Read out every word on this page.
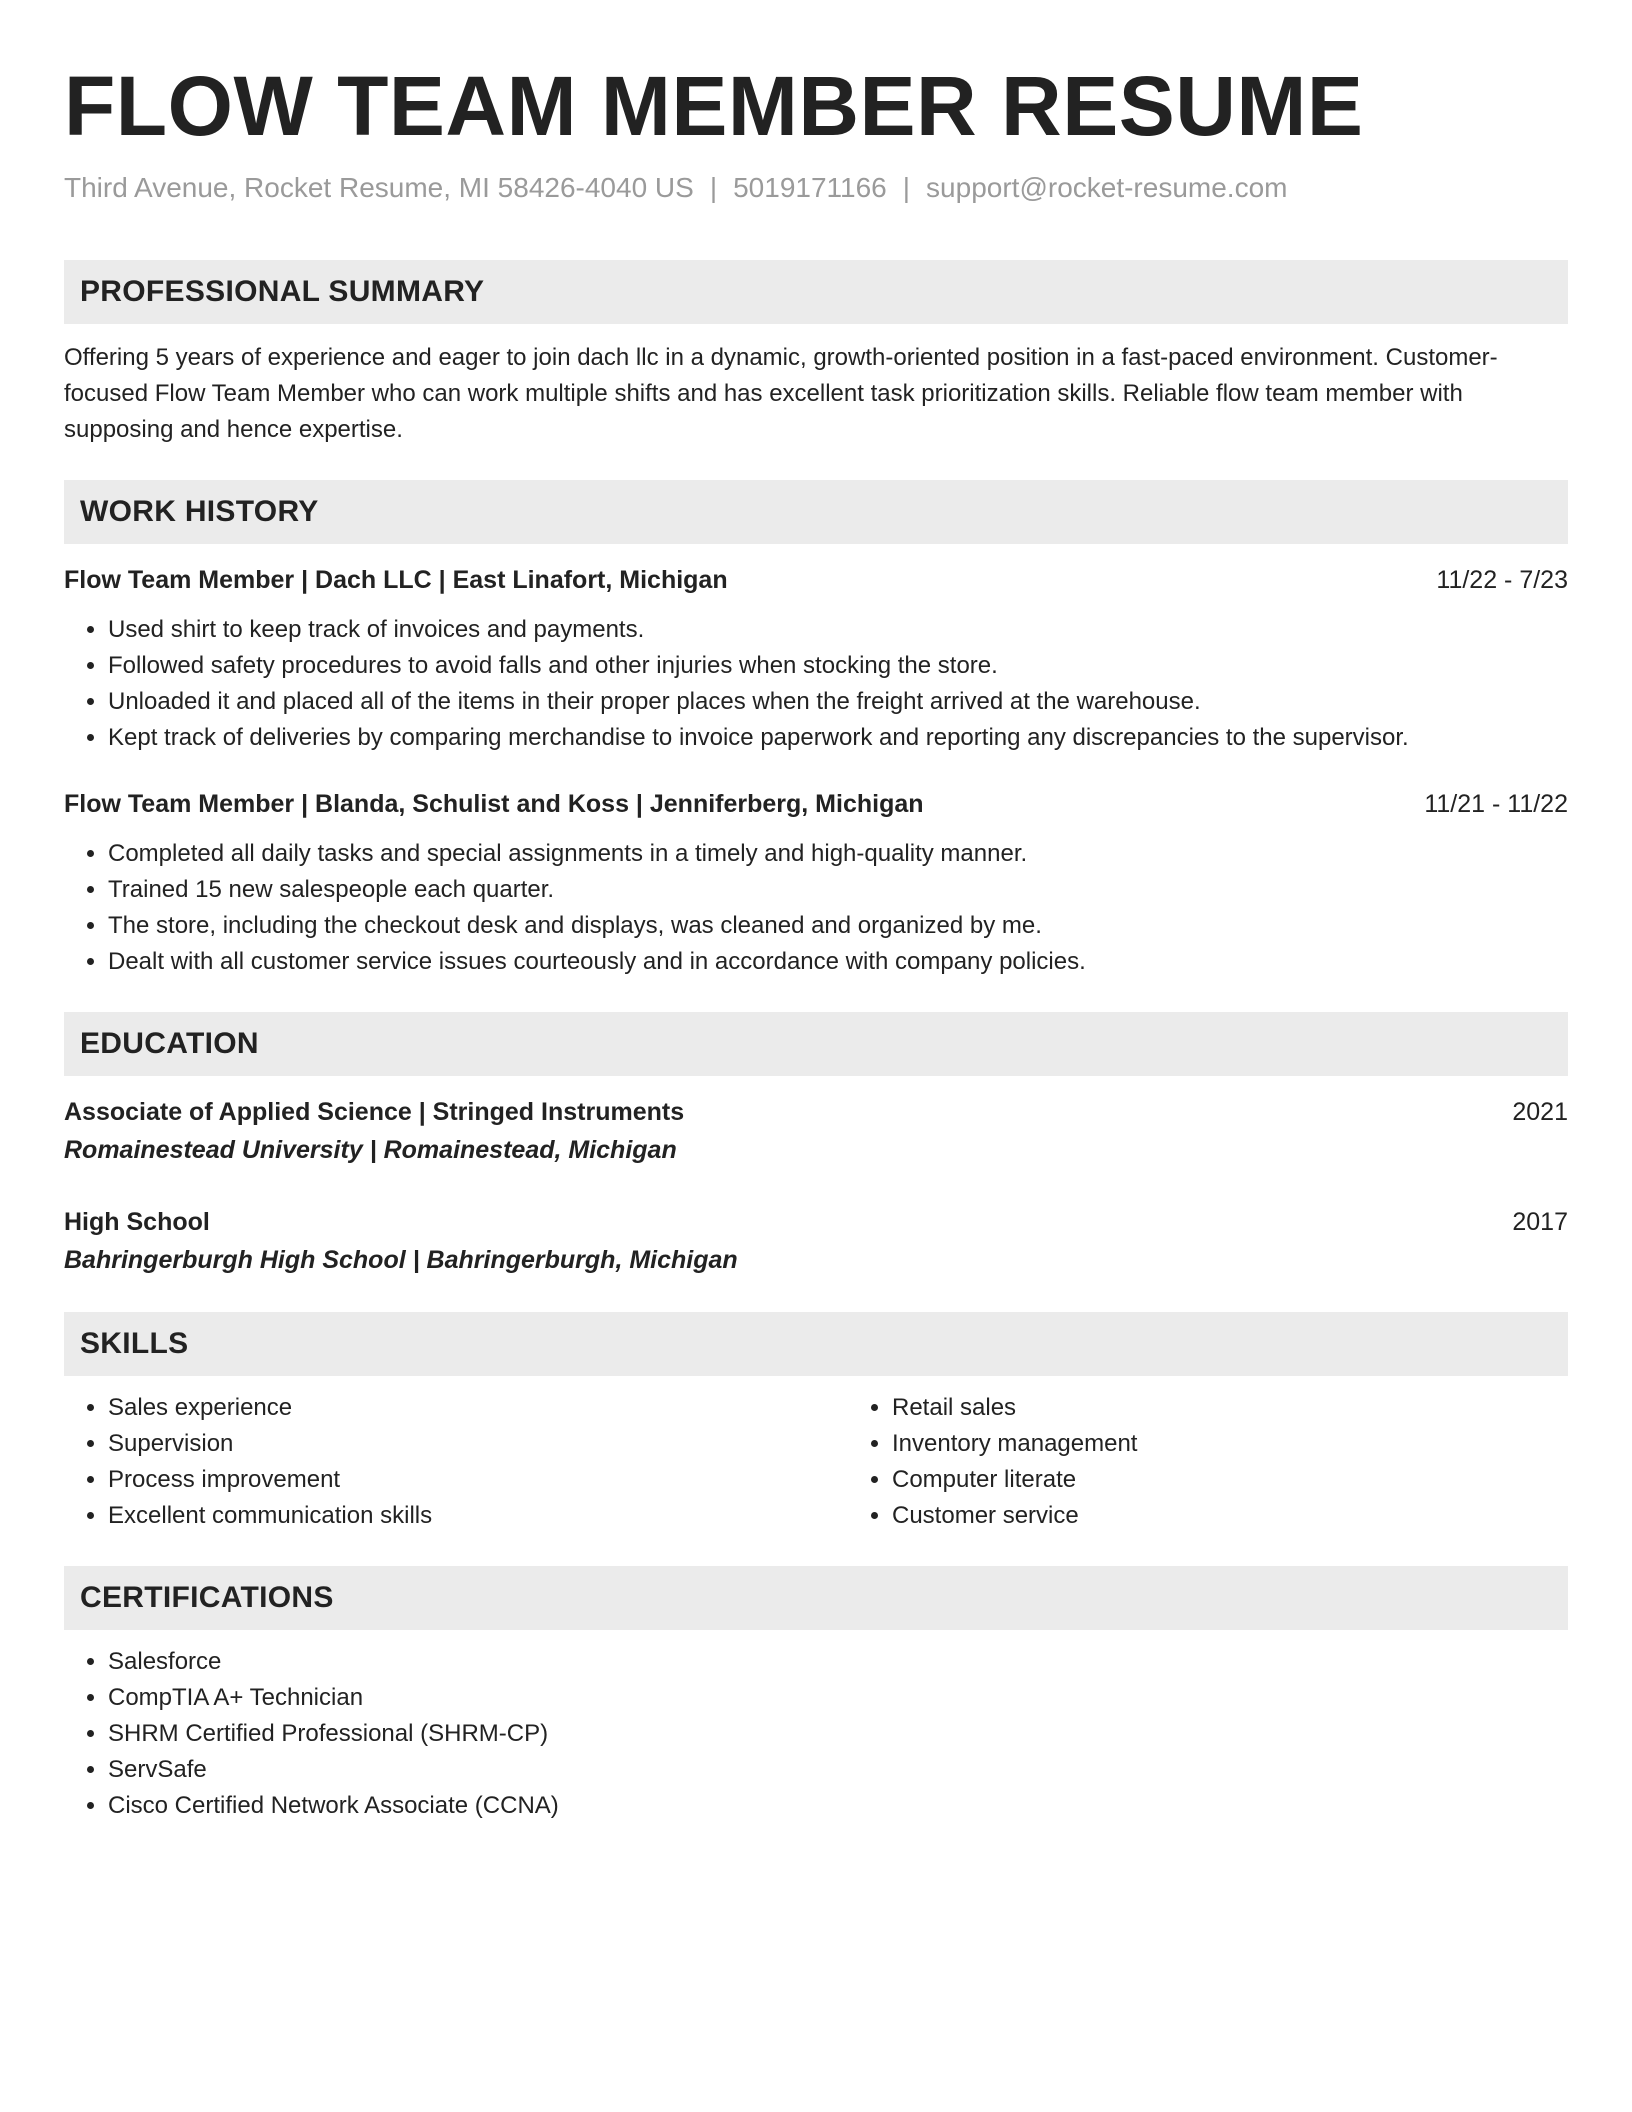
FLOW TEAM MEMBER RESUME
Third Avenue, Rocket Resume, MI 58426-4040 US | 5019171166 | support@rocket-resume.com
PROFESSIONAL SUMMARY
Offering 5 years of experience and eager to join dach llc in a dynamic, growth-oriented position in a fast-paced environment. Customer-focused Flow Team Member who can work multiple shifts and has excellent task prioritization skills. Reliable flow team member with supposing and hence expertise.
WORK HISTORY
Flow Team Member | Dach LLC | East Linafort, Michigan	11/22 - 7/23
• Used shirt to keep track of invoices and payments.
• Followed safety procedures to avoid falls and other injuries when stocking the store.
• Unloaded it and placed all of the items in their proper places when the freight arrived at the warehouse.
• Kept track of deliveries by comparing merchandise to invoice paperwork and reporting any discrepancies to the supervisor.
Flow Team Member | Blanda, Schulist and Koss | Jenniferberg, Michigan	11/21 - 11/22
• Completed all daily tasks and special assignments in a timely and high-quality manner.
• Trained 15 new salespeople each quarter.
• The store, including the checkout desk and displays, was cleaned and organized by me.
• Dealt with all customer service issues courteously and in accordance with company policies.
EDUCATION
Associate of Applied Science | Stringed Instruments	2021
Romainestead University | Romainestead, Michigan
High School	2017
Bahringerburgh High School | Bahringerburgh, Michigan
SKILLS
• Sales experience
• Supervision
• Process improvement
• Excellent communication skills
• Retail sales
• Inventory management
• Computer literate
• Customer service
CERTIFICATIONS
• Salesforce
• CompTIA A+ Technician
• SHRM Certified Professional (SHRM-CP)
• ServSafe
• Cisco Certified Network Associate (CCNA)
